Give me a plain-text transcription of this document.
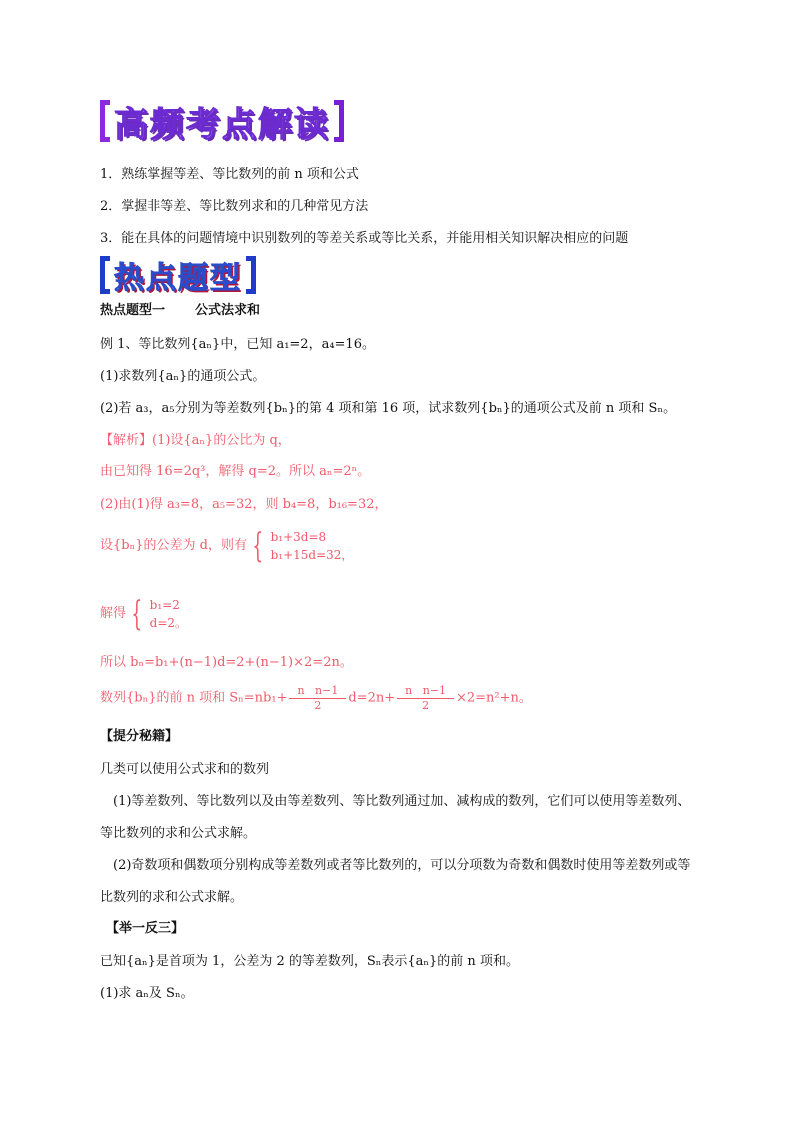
高频考点解读
1．熟练掌握等差、等比数列的前 n 项和公式
2．掌握非等差、等比数列求和的几种常见方法
3．能在具体的问题情境中识别数列的等差关系或等比关系，并能用相关知识解决相应的问题
热点题型
热点题型一 公式法求和
例 1、等比数列{aₙ}中，已知 a₁=2，a₄=16。
(1)求数列{aₙ}的通项公式。
(2)若 a₃，a₅分别为等差数列{bₙ}的第 4 项和第 16 项，试求数列{bₙ}的通项公式及前 n 项和 Sₙ。
【解析】(1)设{aₙ}的公比为 q，
由已知得 16=2q³，解得 q=2。所以 aₙ=2ⁿ。
(2)由(1)得 a₃=8，a₅=32，则 b₄=8，b₁₆=32，
设{bₙ}的公差为 d，则有 { b₁+3d=8
b₁+15d=32，
解得 { b₁=2
d=2。
所以 bₙ=b₁+(n−1)d=2+(n−1)×2=2n。
数列{bₙ}的前 n 项和 $S_n=nb_1+ \frac{\text{n   n−1}}{2} d=2n+ \frac{\text{n   n−1}}{2} \times 2=n^2+n$。
【提分秘籍】
几类可以使用公式求和的数列
(1)等差数列、等比数列以及由等差数列、等比数列通过加、减构成的数列，它们可以使用等差数列、
等比数列的求和公式求解。
(2)奇数项和偶数项分别构成等差数列或者等比数列的，可以分项数为奇数和偶数时使用等差数列或等
比数列的求和公式求解。
【举一反三】
已知{aₙ}是首项为 1，公差为 2 的等差数列，Sₙ表示{aₙ}的前 n 项和。
(1)求 aₙ及 Sₙ。
